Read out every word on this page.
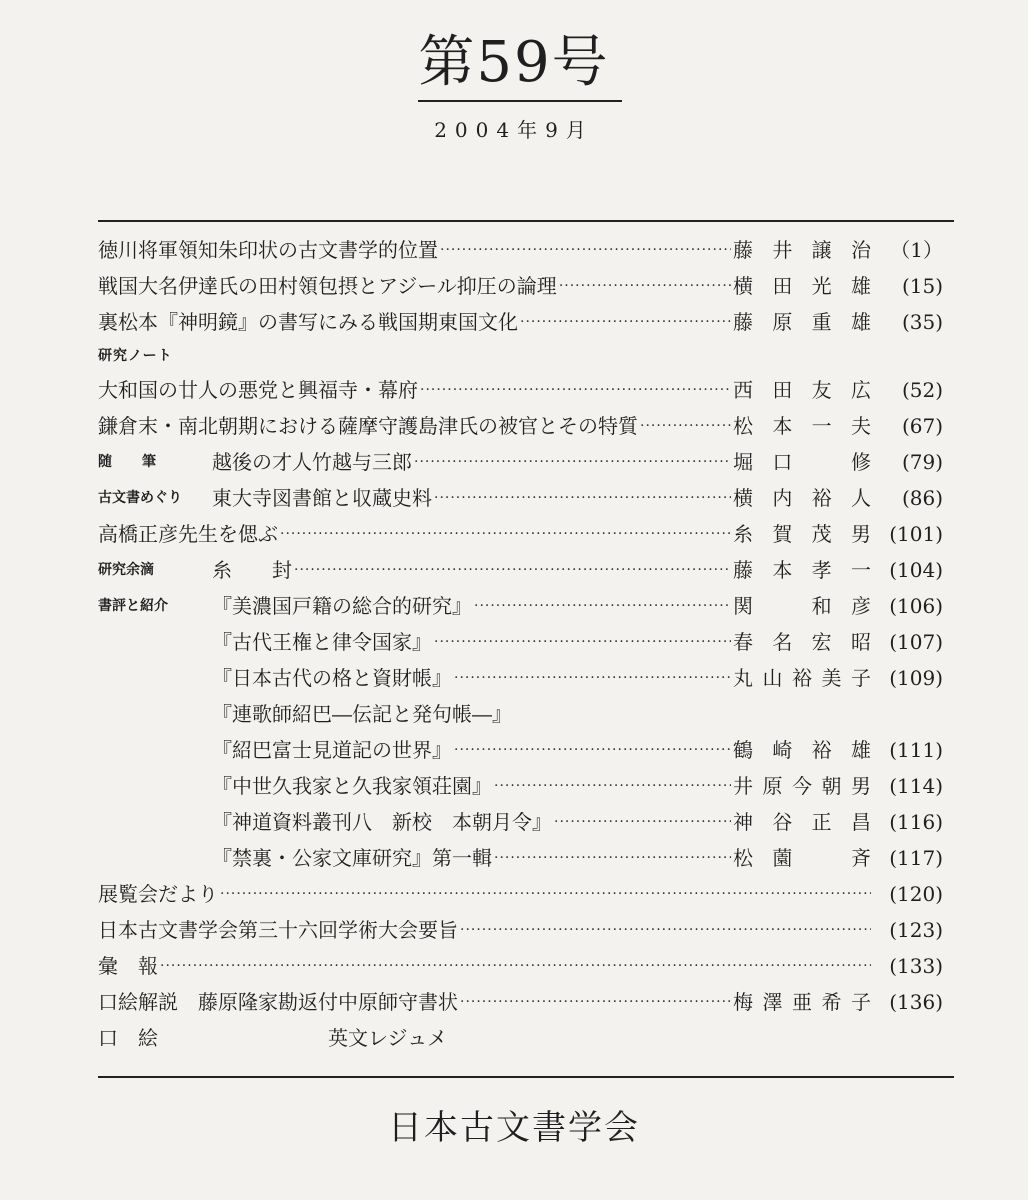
第59号
2004年9月
徳川将軍領知朱印状の古文書学的位置 ·····	藤井譲治 （1）
戦国大名伊達氏の田村領包摂とアジール抑圧の論理 ·····	横田光雄	(15)
裏松本『神明鏡』の書写にみる戦国期東国文化 ·····	藤原重雄	(35)
研究ノート
大和国の廿人の悪党と興福寺・幕府 ·····	西田友広	(52)
鎌倉末・南北朝期における薩摩守護島津氏の被官とその特質 ·····	松本一夫	(67)
随筆	越後の才人竹越与三郎 ·····	堀口　修	(79)
古文書めぐり	東大寺図書館と収蔵史料 ·····	横内裕人	(86)
高橋正彦先生を偲ぶ ·····	糸賀茂男 (101)
研究余滴	糸　　封 ·····	藤本孝一 (104)
書評と紹介	『美濃国戸籍の総合的研究』 ·····	関　和彦 (106)
『古代王権と律令国家』 ·····	春名宏昭 (107)
『日本古代の格と資財帳』 ·····	丸山裕美子 (109)
『連歌師紹巴―伝記と発句帳―』
『紹巴富士見道記の世界』 ·····	鶴崎裕雄 (111)
『中世久我家と久我家領荘園』 ·····	井原今朝男 (114)
『神道資料叢刊八　新校　本朝月令』 ·····	神谷正昌 (116)
『禁裏・公家文庫研究』第一輯 ·····	松薗　斉 (117)
展覧会だより ·····	(120)
日本古文書学会第三十六回学術大会要旨 ·····	(123)
彙　報 ·····	(133)
口絵解説　藤原隆家勘返付中原師守書状 ·····	梅澤亜希子 (136)
口　絵	英文レジュメ
日本古文書学会
